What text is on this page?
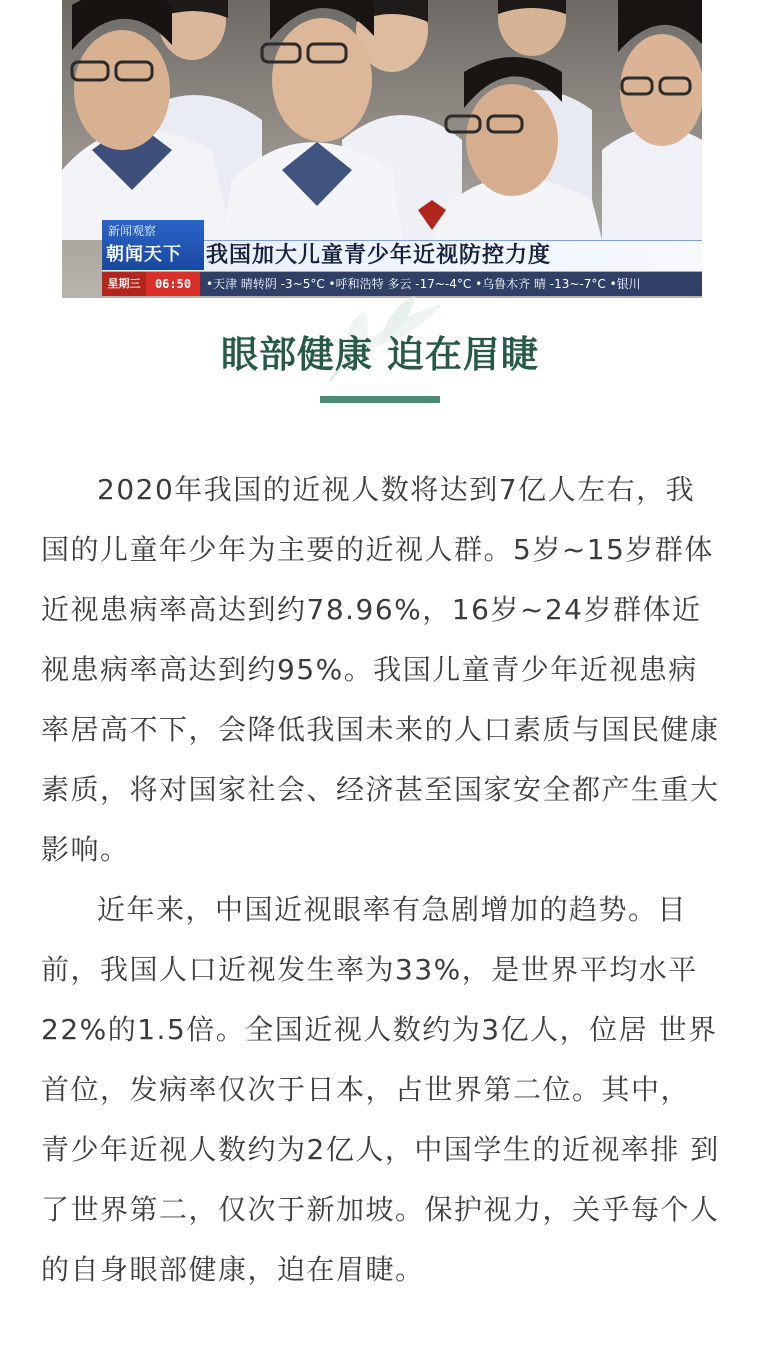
新闻观察
朝闻天下 我国加大儿童青少年近视防控力度
星期三	06:50	•天津 晴转阴 -3~5°C •呼和浩特 多云 -17~-4°C •乌鲁木齐 晴 -13~-7°C •银川
眼部健康 迫在眉睫

2020年我国的近视人数将达到7亿人左右，我国的儿童年少年为主要的近视人群。5岁~15岁群体近视患病率高达到约78.96%，16岁~24岁群体近视患病率高达到约95%。我国儿童青少年近视患病率居高不下，会降低我国未来的人口素质与国民健康素质，将对国家社会、经济甚至国家安全都产生重大影响。

近年来，中国近视眼率有急剧增加的趋势。目前，我国人口近视发生率为33%，是世界平均水平22%的1.5倍。全国近视人数约为3亿人，位居 世界首位，发病率仅次于日本，占世界第二位。其中， 青少年近视人数约为2亿人，中国学生的近视率排 到了世界第二，仅次于新加坡。保护视力，关乎每个人的自身眼部健康，迫在眉睫。
